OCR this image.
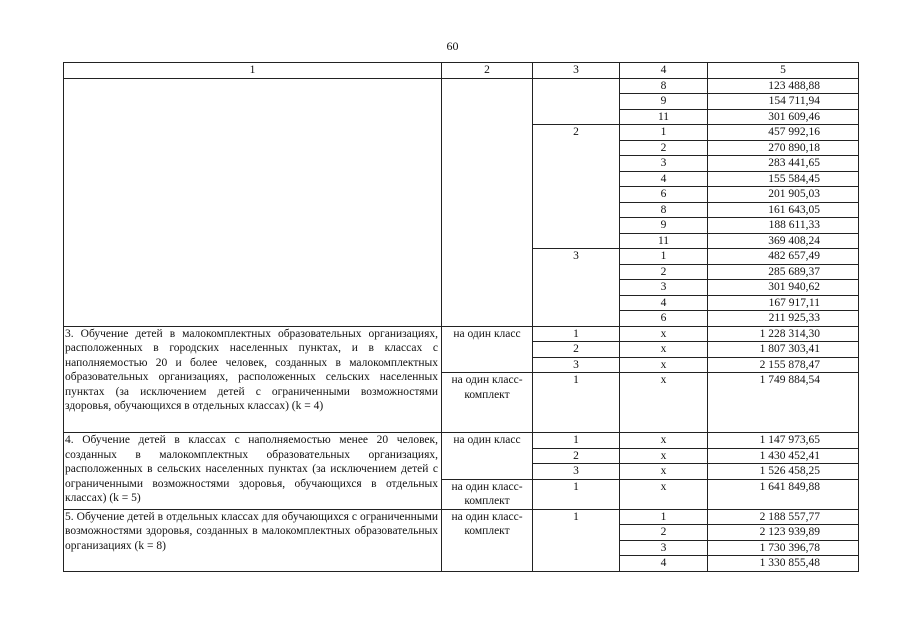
60
1	2	3	4	5
			8	123 488,88
			9	154 711,94
			11	301 609,46
		2	1	457 992,16
			2	270 890,18
			3	283 441,65
			4	155 584,45
			6	201 905,03
			8	161 643,05
			9	188 611,33
			11	369 408,24
		3	1	482 657,49
			2	285 689,37
			3	301 940,62
			4	167 917,11
			6	211 925,33
3. Обучение детей в малокомплектных образовательных организациях, расположенных в городских населенных пунктах, и в классах с наполняемостью 20 и более человек, созданных в малокомплектных образовательных организациях, расположенных сельских населенных пунктах (за исключением детей с ограниченными возможностями здоровья, обучающихся в отдельных классах) (k = 4)	на один класс	1	х	1 228 314,30
		2	х	1 807 303,41
		3	х	2 155 878,47
	на один класс-комплект	1	х	1 749 884,54

4. Обучение детей в классах с наполняемостью менее 20 человек, созданных в малокомплектных образовательных организациях, расположенных в сельских населенных пунктах (за исключением детей с ограниченными возможностями здоровья, обучающихся в отдельных классах) (k = 5)	на один класс	1	х	1 147 973,65
		2	х	1 430 452,41
		3	х	1 526 458,25
	на один класс-комплект	1	х	1 641 849,88

5. Обучение детей в отдельных классах для обучающихся с ограниченными возможностями здоровья, созданных в малокомплектных образовательных организациях (k = 8)	на один класс-комплект	1	1	2 188 557,77
			2	2 123 939,89
			3	1 730 396,78
			4	1 330 855,48
